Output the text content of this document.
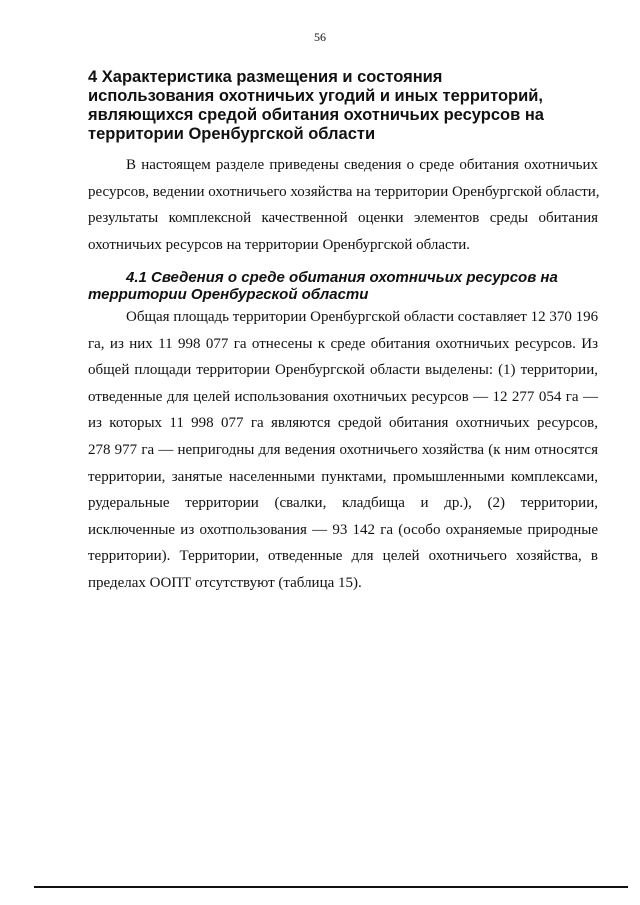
56
4 Характеристика размещения и состояния
использования охотничьих угодий и иных территорий,
являющихся средой обитания охотничьих ресурсов на
территории Оренбургской области

В настоящем разделе приведены сведения о среде обитания охотничьих
ресурсов, ведении охотничьего хозяйства на территории Оренбургской области,
результаты комплексной качественной оценки элементов среды обитания
охотничьих ресурсов на территории Оренбургской области.

4.1 Сведения о среде обитания охотничьих ресурсов на
территории Оренбургской области

Общая площадь территории Оренбургской области составляет 12 370 196
га, из них 11 998 077 га отнесены к среде обитания охотничьих ресурсов. Из
общей площади территории Оренбургской области выделены: (1) территории,
отведенные для целей использования охотничьих ресурсов — 12 277 054 га —
из которых 11 998 077 га являются средой обитания охотничьих ресурсов,
278 977 га — непригодны для ведения охотничьего хозяйства (к ним относятся
территории, занятые населенными пунктами, промышленными комплексами,
рудеральные территории (свалки, кладбища и др.), (2) территории,
исключенные из охотпользования — 93 142 га (особо охраняемые природные
территории). Территории, отведенные для целей охотничьего хозяйства, в
пределах ООПТ отсутствуют (таблица 15).
